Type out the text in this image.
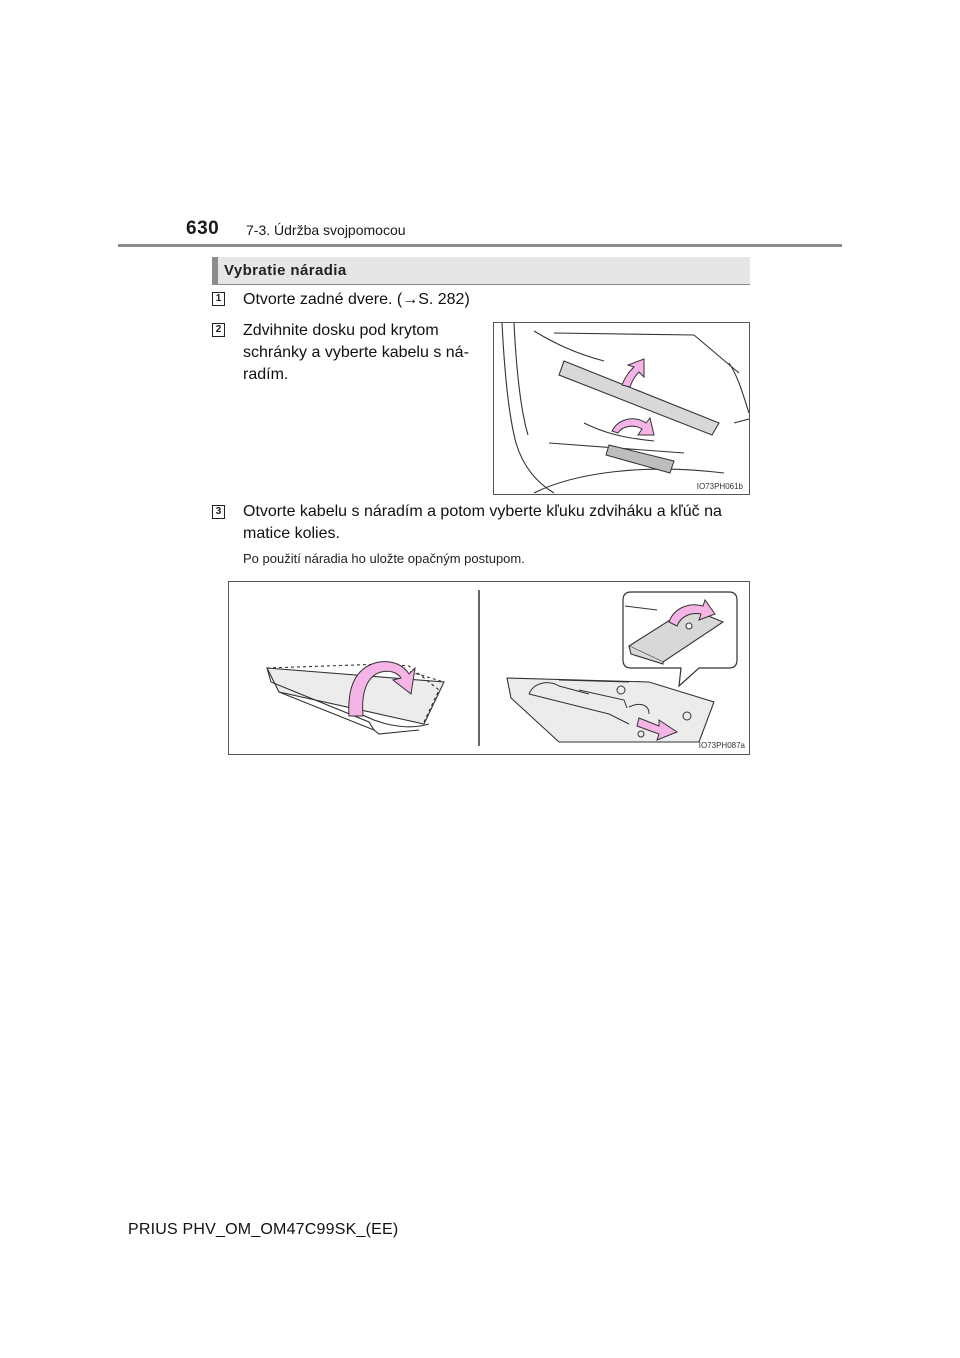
630 7-3. Údržba svojpomocou
Vybratie náradia
1 Otvorte zadné dvere. (→S. 282)
2 Zdvihnite dosku pod krytom
schránky a vyberte kabelu s ná-
radím.
IO73PH061b
3 Otvorte kabelu s náradím a potom vyberte kľuku zdviháku a kľúč na
matice kolies.
Po použití náradia ho uložte opačným postupom.
IO73PH087a
PRIUS PHV_OM_OM47C99SK_(EE)
